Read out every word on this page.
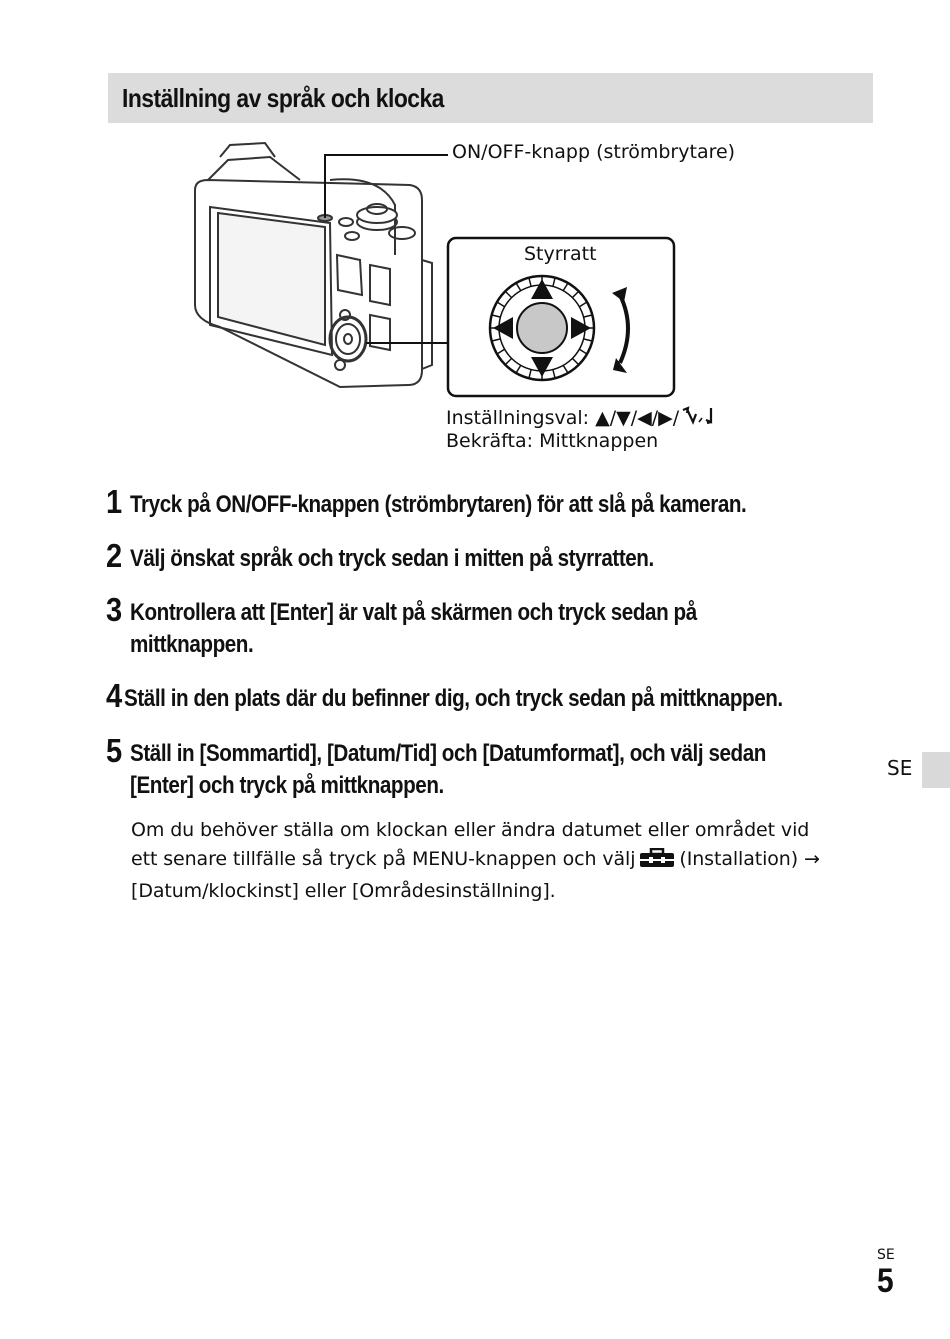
Inställning av språk och klocka
ON/OFF-knapp (strömbrytare)
Styrratt
Inställningsval: ▲/▼/◀/▶/
Bekräfta: Mittknappen
1 Tryck på ON/OFF-knappen (strömbrytaren) för att slå på kameran.
2 Välj önskat språk och tryck sedan i mitten på styrratten.
3 Kontrollera att [Enter] är valt på skärmen och tryck sedan på
mittknappen.
4 Ställ in den plats där du befinner dig, och tryck sedan på mittknappen.
5 Ställ in [Sommartid], [Datum/Tid] och [Datumformat], och välj sedan
[Enter] och tryck på mittknappen.
Om du behöver ställa om klockan eller ändra datumet eller området vid
ett senare tillfälle så tryck på MENU-knappen och välj (Installation) →
[Datum/klockinst] eller [Områdesinställning].
SE
SE
5
